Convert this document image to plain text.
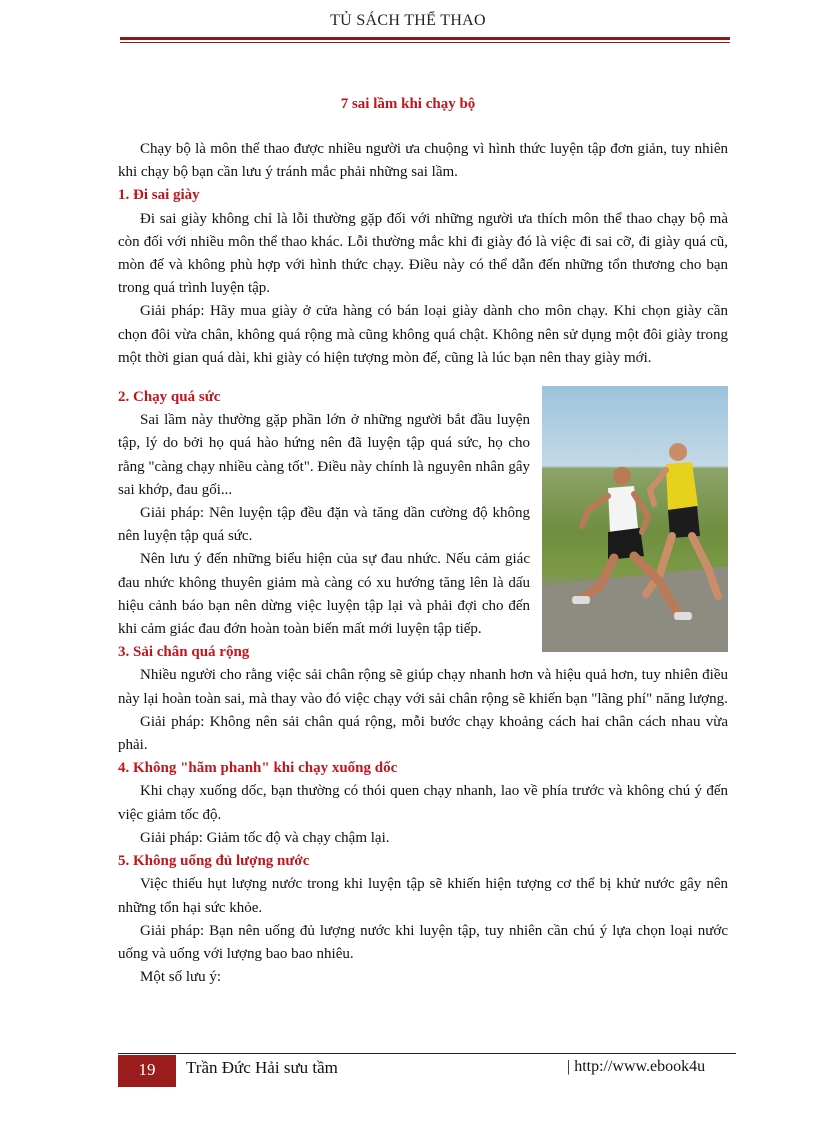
TỦ SÁCH THỂ THAO
7 sai lầm khi chạy bộ

Chạy bộ là môn thể thao được nhiều người ưa chuộng vì hình thức luyện tập đơn giản, tuy nhiên khi chạy bộ bạn cần lưu ý tránh mắc phải những sai lầm.

1. Đi sai giày

Đi sai giày không chỉ là lỗi thường gặp đối với những người ưa thích môn thể thao chạy bộ mà còn đối với nhiều môn thể thao khác. Lỗi thường mắc khi đi giày đó là việc đi sai cỡ, đi giày quá cũ, mòn đế và không phù hợp với hình thức chạy. Điều này có thể dẫn đến những tổn thương cho bạn trong quá trình luyện tập.

Giải pháp: Hãy mua giày ở cửa hàng có bán loại giày dành cho môn chạy. Khi chọn giày cần chọn đôi vừa chân, không quá rộng mà cũng không quá chật. Không nên sử dụng một đôi giày trong một thời gian quá dài, khi giày có hiện tượng mòn đế, cũng là lúc bạn nên thay giày mới.

2. Chạy quá sức

Sai lầm này thường gặp phần lớn ở những người bắt đầu luyện tập, lý do bởi họ quá hào hứng nên đã luyện tập quá sức, họ cho rằng "càng chạy nhiều càng tốt". Điều này chính là nguyên nhân gây sai khớp, đau gối...

Giải pháp: Nên luyện tập đều đặn và tăng dần cường độ không nên luyện tập quá sức.

Nên lưu ý đến những biểu hiện của sự đau nhức. Nếu cảm giác đau nhức không thuyên giảm mà càng có xu hướng tăng lên là dấu hiệu cảnh báo bạn nên dừng việc luyện tập lại và phải đợi cho đến khi cảm giác đau đớn hoàn toàn biến mất mới luyện tập tiếp.

3. Sải chân quá rộng

Nhiều người cho rằng việc sải chân rộng sẽ giúp chạy nhanh hơn và hiệu quả hơn, tuy nhiên điều này lại hoàn toàn sai, mà thay vào đó việc chạy với sải chân rộng sẽ khiến bạn "lãng phí" năng lượng.

Giải pháp: Không nên sải chân quá rộng, mỗi bước chạy khoảng cách hai chân cách nhau vừa phải.

4. Không "hãm phanh" khi chạy xuống dốc

Khi chạy xuống dốc, bạn thường có thói quen chạy nhanh, lao về phía trước và không chú ý đến việc giảm tốc độ.

Giải pháp: Giảm tốc độ và chạy chậm lại.

5. Không uống đủ lượng nước

Việc thiếu hụt lượng nước trong khi luyện tập sẽ khiến hiện tượng cơ thể bị khử nước gây nên những tổn hại sức khỏe.

Giải pháp: Bạn nên uống đủ lượng nước khi luyện tập, tuy nhiên cần chú ý lựa chọn loại nước uống và uống với lượng bao bao nhiêu.

Một số lưu ý:

19	Trần Đức Hải sưu tầm	| http://www.ebook4u
